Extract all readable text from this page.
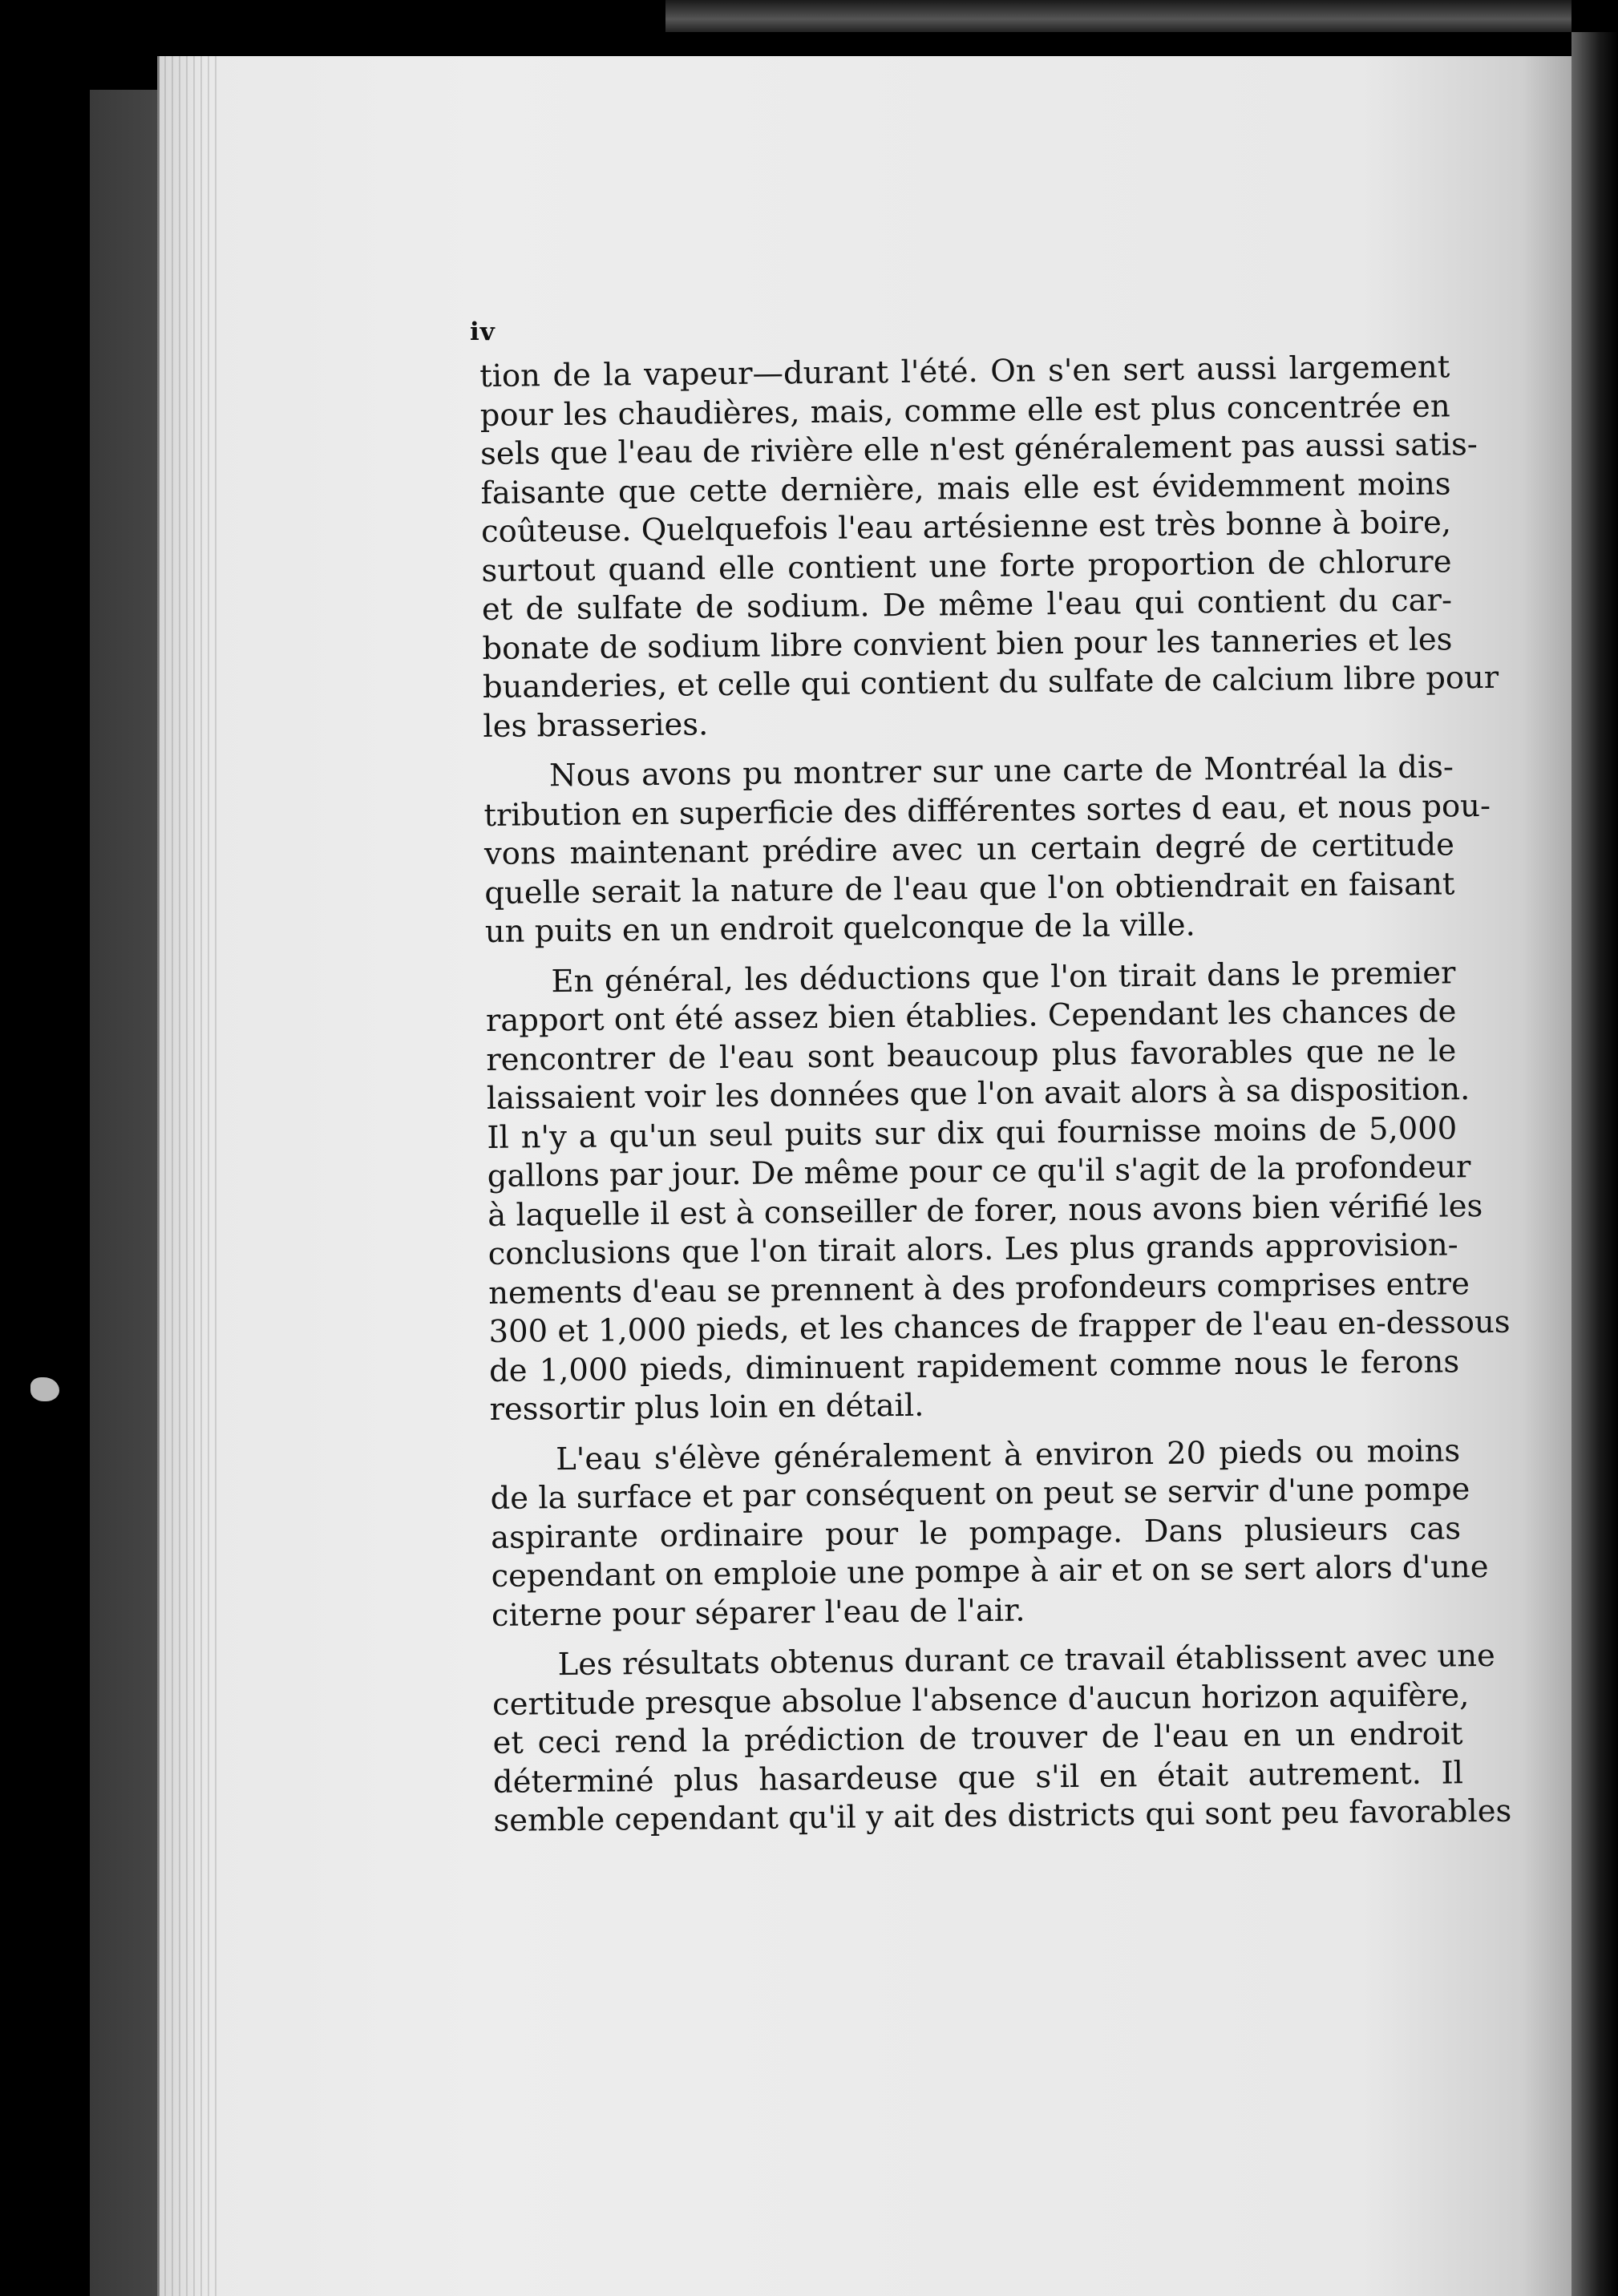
iv
tion de la vapeur—durant l'été. On s'en sert aussi largement
pour les chaudières, mais, comme elle est plus concentrée en
sels que l'eau de rivière elle n'est généralement pas aussi satis-
faisante que cette dernière, mais elle est évidemment moins
coûteuse. Quelquefois l'eau artésienne est très bonne à boire,
surtout quand elle contient une forte proportion de chlorure
et de sulfate de sodium. De même l'eau qui contient du car-
bonate de sodium libre convient bien pour les tanneries et les
buanderies, et celle qui contient du sulfate de calcium libre pour
les brasseries.
Nous avons pu montrer sur une carte de Montréal la dis-
tribution en superficie des différentes sortes d eau, et nous pou-
vons maintenant prédire avec un certain degré de certitude
quelle serait la nature de l'eau que l'on obtiendrait en faisant
un puits en un endroit quelconque de la ville.
En général, les déductions que l'on tirait dans le premier
rapport ont été assez bien établies. Cependant les chances de
rencontrer de l'eau sont beaucoup plus favorables que ne le
laissaient voir les données que l'on avait alors à sa disposition.
Il n'y a qu'un seul puits sur dix qui fournisse moins de 5,000
gallons par jour. De même pour ce qu'il s'agit de la profondeur
à laquelle il est à conseiller de forer, nous avons bien vérifié les
conclusions que l'on tirait alors. Les plus grands approvision-
nements d'eau se prennent à des profondeurs comprises entre
300 et 1,000 pieds, et les chances de frapper de l'eau en-dessous
de 1,000 pieds, diminuent rapidement comme nous le ferons
ressortir plus loin en détail.
L'eau s'élève généralement à environ 20 pieds ou moins
de la surface et par conséquent on peut se servir d'une pompe
aspirante ordinaire pour le pompage. Dans plusieurs cas
cependant on emploie une pompe à air et on se sert alors d'une
citerne pour séparer l'eau de l'air.
Les résultats obtenus durant ce travail établissent avec une
certitude presque absolue l'absence d'aucun horizon aquifère,
et ceci rend la prédiction de trouver de l'eau en un endroit
déterminé plus hasardeuse que s'il en était autrement. Il
semble cependant qu'il y ait des districts qui sont peu favorables
